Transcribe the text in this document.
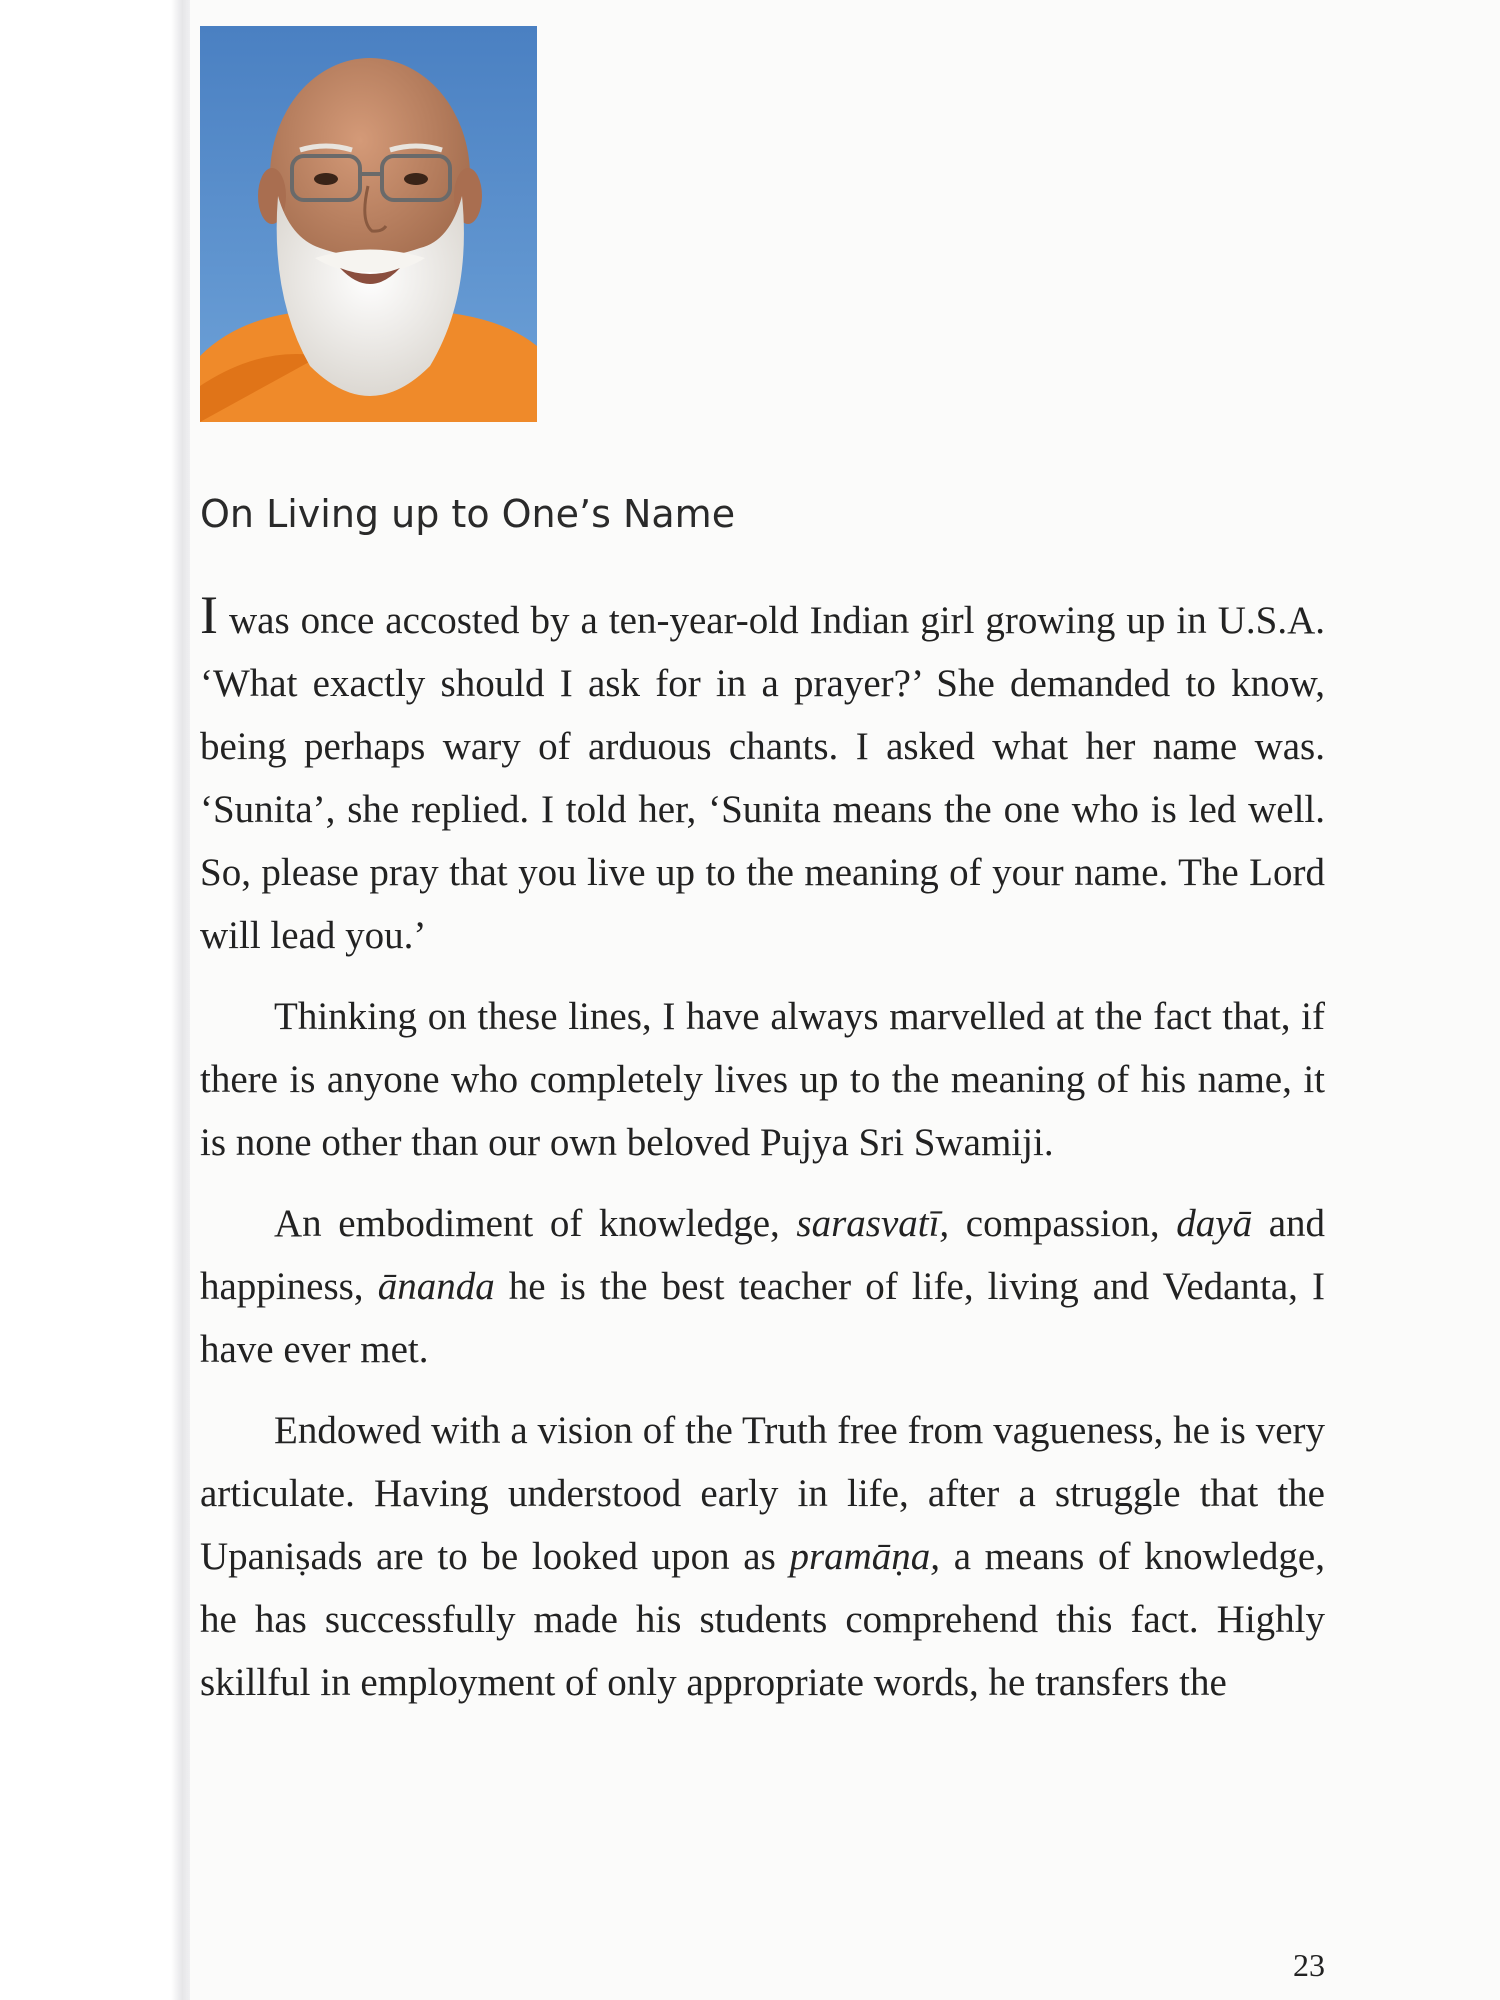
On Living up to One’s Name

I was once accosted by a ten-year-old Indian girl growing up in U.S.A. ‘What exactly should I ask for in a prayer?’ She demanded to know, being perhaps wary of arduous chants. I asked what her name was. ‘Sunita’, she replied. I told her, ‘Sunita means the one who is led well. So, please pray that you live up to the meaning of your name. The Lord will lead you.’

Thinking on these lines, I have always marvelled at the fact that, if there is anyone who completely lives up to the meaning of his name, it is none other than our own beloved Pujya Sri Swamiji.

An embodiment of knowledge, sarasvatī, compassion, dayā and happiness, ānanda he is the best teacher of life, living and Vedanta, I have ever met.

Endowed with a vision of the Truth free from vagueness, he is very articulate. Having understood early in life, after a struggle that the Upaniṣads are to be looked upon as pramāṇa, a means of knowledge, he has successfully made his students comprehend this fact. Highly skillful in employment of only appropriate words, he transfers the

23
